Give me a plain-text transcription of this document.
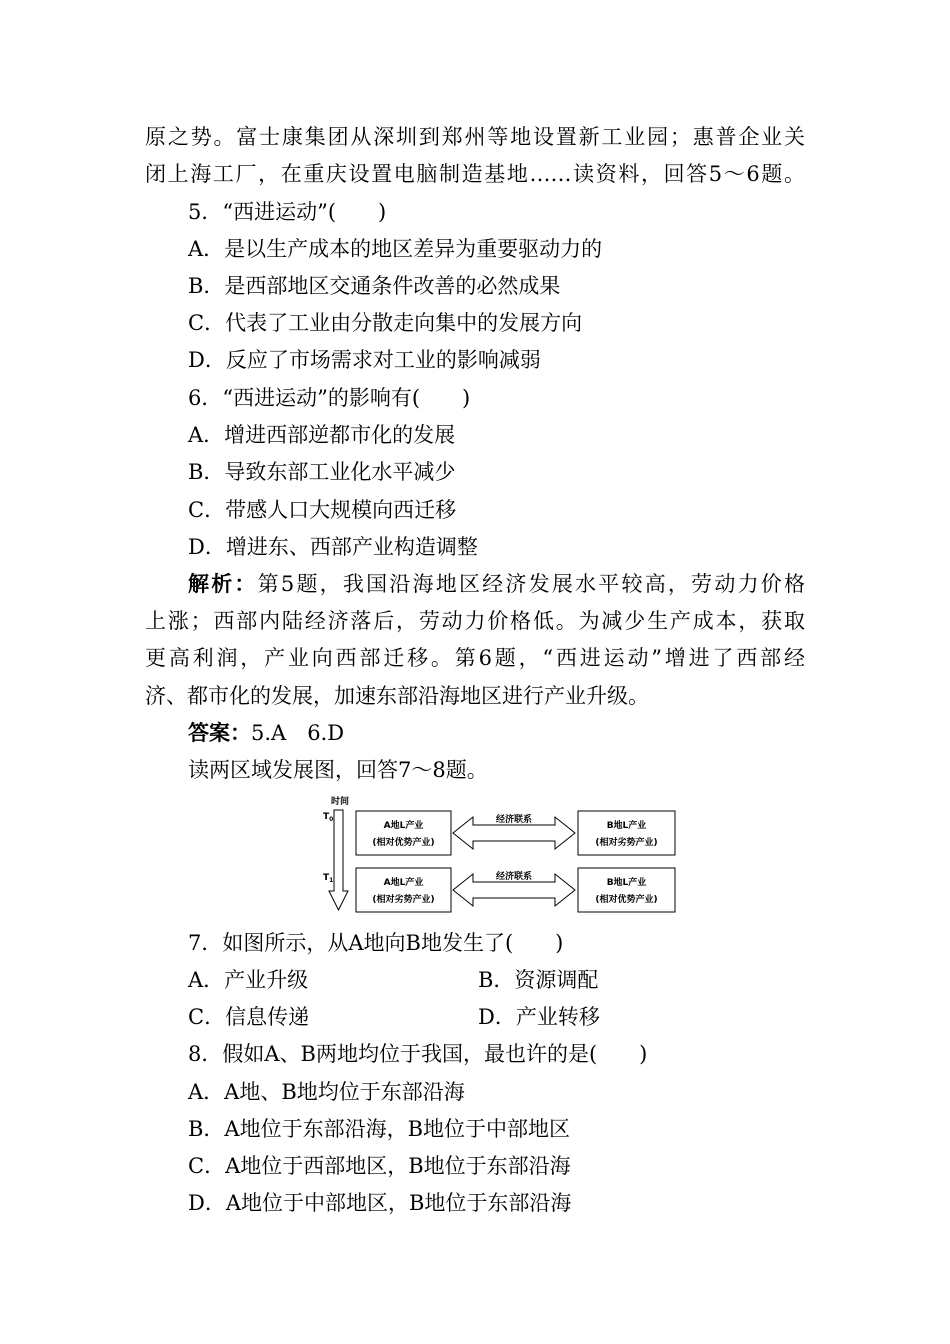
原之势。富士康集团从深圳到郑州等地设置新工业园；惠普企业关
闭上海工厂，在重庆设置电脑制造基地……读资料，回答5～6题。
5．“西进运动”(　　)
A．是以生产成本的地区差异为重要驱动力的
B．是西部地区交通条件改善的必然成果
C．代表了工业由分散走向集中的发展方向
D．反应了市场需求对工业的影响减弱
6．“西进运动”的影响有(　　)
A．增进西部逆都市化的发展
B．导致东部工业化水平减少
C．带感人口大规模向西迁移
D．增进东、西部产业构造调整
解析：第5题，我国沿海地区经济发展水平较高，劳动力价格
上涨；西部内陆经济落后，劳动力价格低。为减少生产成本，获取
更高利润，产业向西部迁移。第6题，“西进运动”增进了西部经
济、都市化的发展，加速东部沿海地区进行产业升级。
答案：5.A　6.D
读两区域发展图，回答7～8题。
时间
$T_0$
$T_1$
A地L产业
(相对优势产业)
经济联系
B地L产业
(相对劣势产业)
A地L产业
(相对劣势产业)
经济联系
B地L产业
(相对优势产业)
7．如图所示，从A地向B地发生了(　　)
A．产业升级	B．资源调配
C．信息传递	D．产业转移
8．假如A、B两地均位于我国，最也许的是(　　)
A．A地、B地均位于东部沿海
B．A地位于东部沿海，B地位于中部地区
C．A地位于西部地区，B地位于东部沿海
D．A地位于中部地区，B地位于东部沿海
